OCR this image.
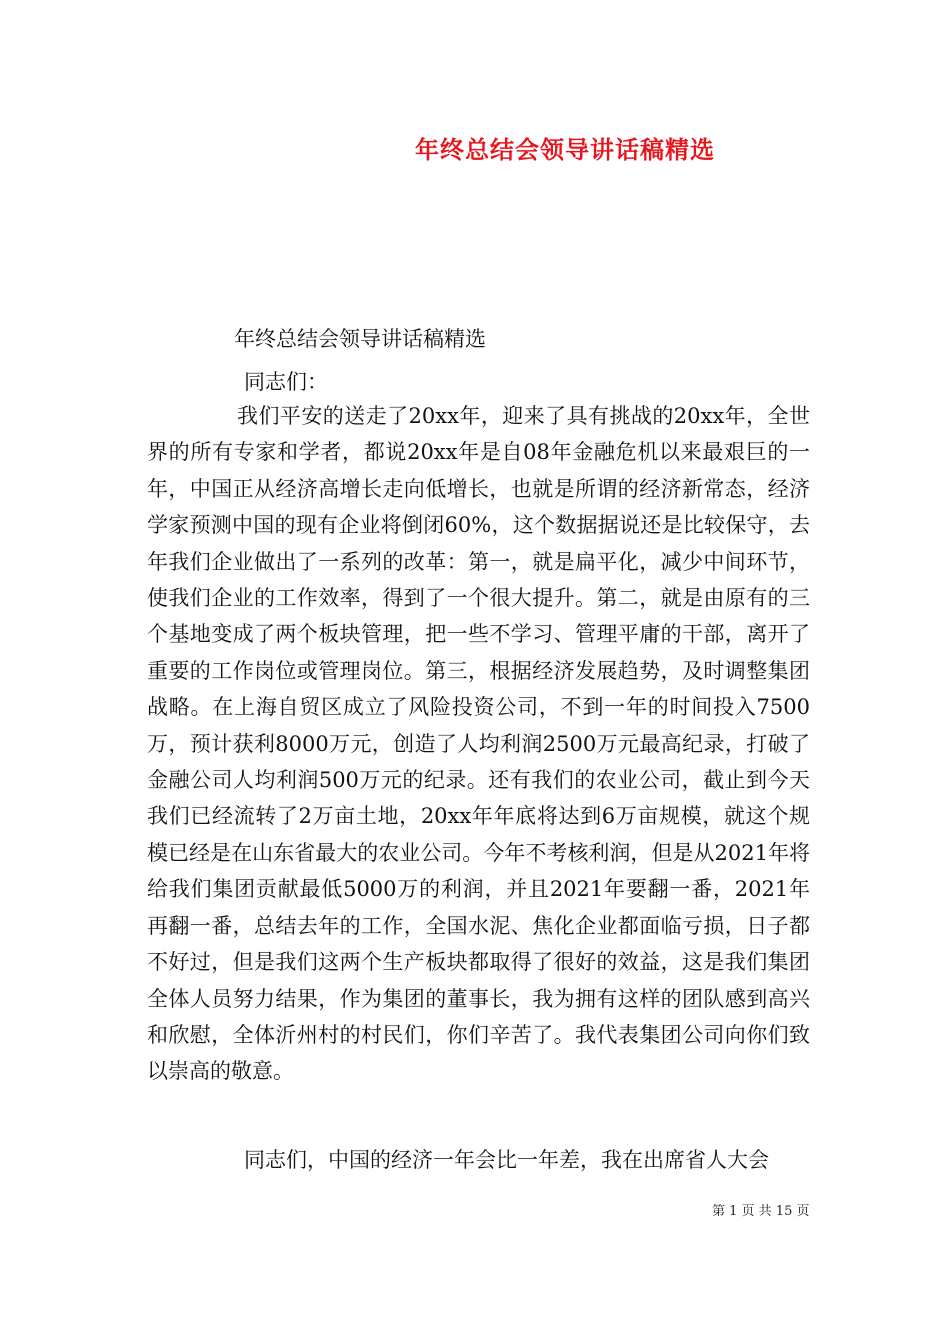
年终总结会领导讲话稿精选
年终总结会领导讲话稿精选
同志们：

我们平安的送走了20xx年，迎来了具有挑战的20xx年，全世界的所有专家和学者，都说20xx年是自08年金融危机以来最艰巨的一年，中国正从经济高增长走向低增长，也就是所谓的经济新常态，经济学家预测中国的现有企业将倒闭60%，这个数据据说还是比较保守，去年我们企业做出了一系列的改革：第一，就是扁平化，减少中间环节，使我们企业的工作效率，得到了一个很大提升。第二，就是由原有的三个基地变成了两个板块管理，把一些不学习、管理平庸的干部，离开了重要的工作岗位或管理岗位。第三，根据经济发展趋势，及时调整集团战略。在上海自贸区成立了风险投资公司，不到一年的时间投入7500万，预计获利8000万元，创造了人均利润2500万元最高纪录，打破了金融公司人均利润500万元的纪录。还有我们的农业公司，截止到今天我们已经流转了2万亩土地，20xx年年底将达到6万亩规模，就这个规模已经是在山东省最大的农业公司。今年不考核利润，但是从2021年将给我们集团贡献最低5000万的利润，并且2021年要翻一番，2021年再翻一番，总结去年的工作，全国水泥、焦化企业都面临亏损，日子都不好过，但是我们这两个生产板块都取得了很好的效益，这是我们集团全体人员努力结果，作为集团的董事长，我为拥有这样的团队感到高兴和欣慰，全体沂州村的村民们，你们辛苦了。我代表集团公司向你们致以崇高的敬意。

同志们，中国的经济一年会比一年差，我在出席省人大会

第 1 页 共 15 页
